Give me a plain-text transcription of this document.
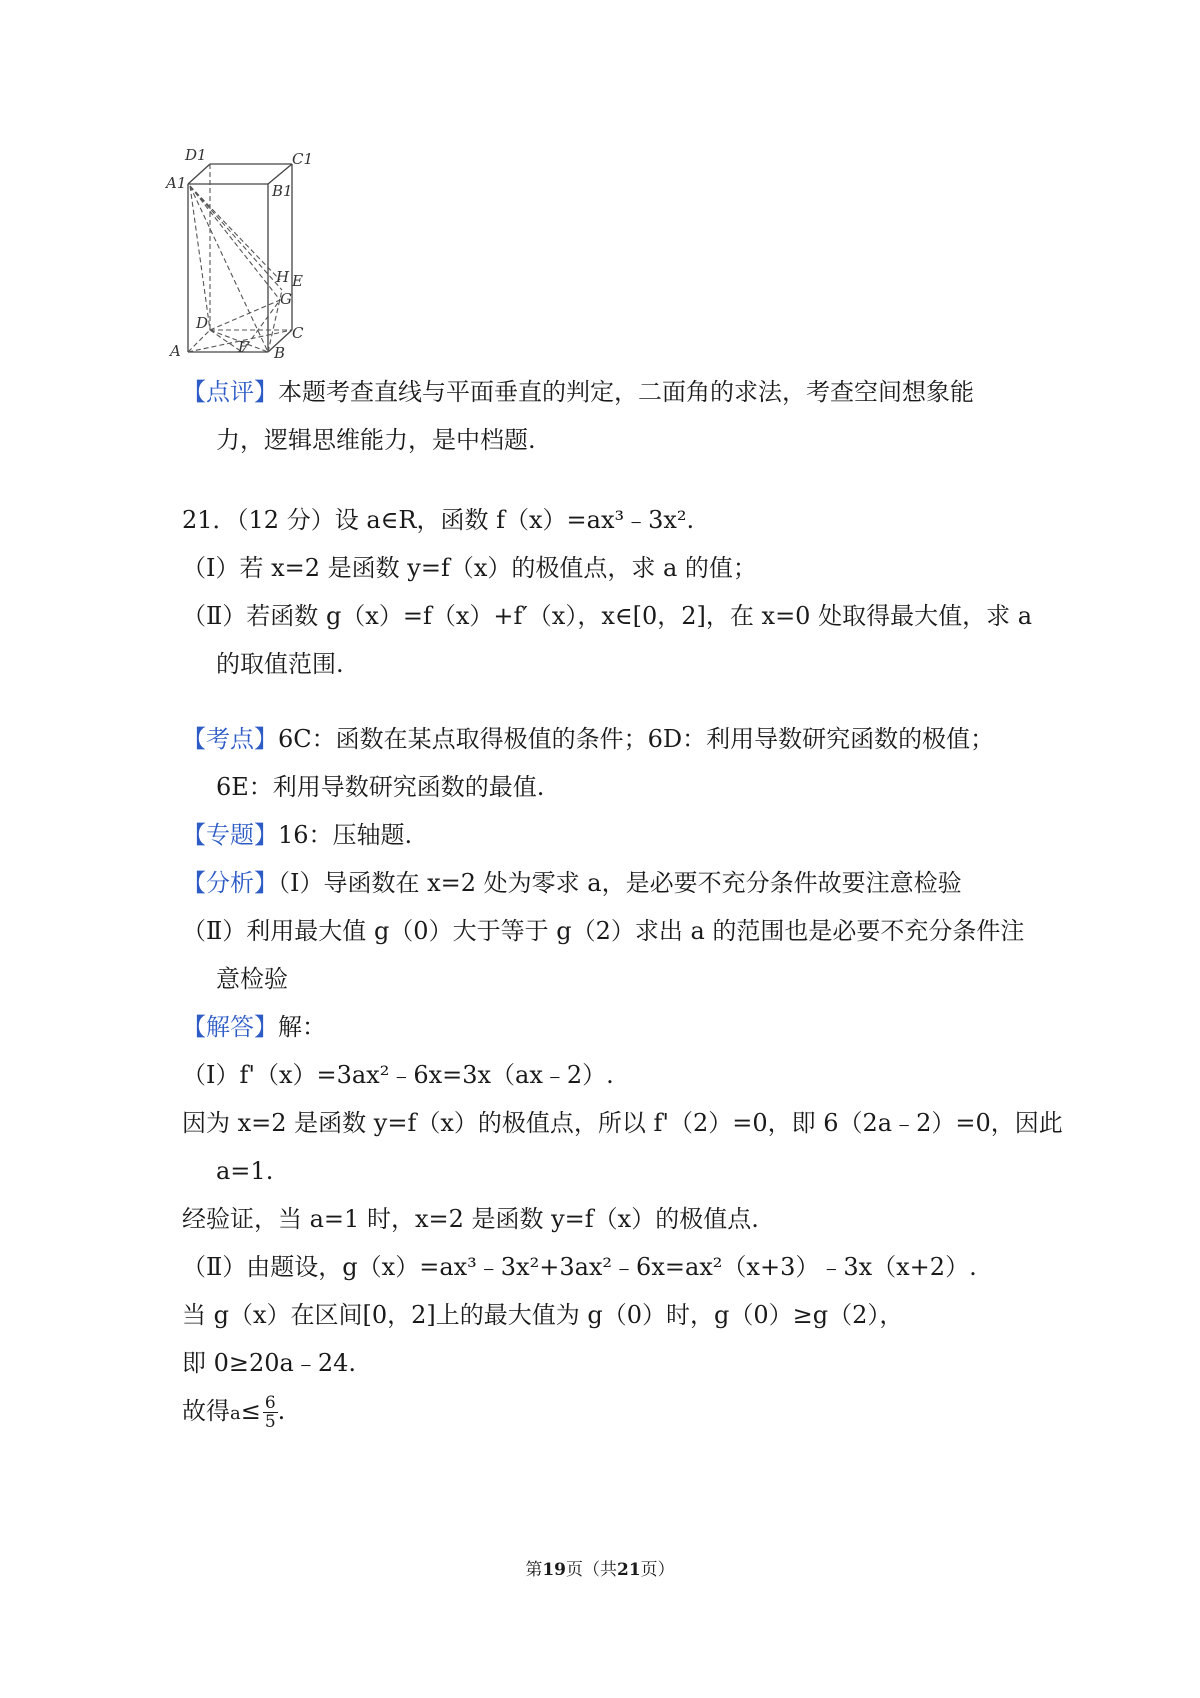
D1	C1
A1	B1
H E
G
D
C
A	F B
【点评】本题考查直线与平面垂直的判定，二面角的求法，考查空间想象能
力，逻辑思维能力，是中档题.
21．（12 分）设 a∈R，函数 f（x）=ax³﹣3x².
（Ⅰ）若 x=2 是函数 y=f（x）的极值点，求 a 的值；
（Ⅱ）若函数 g（x）=f（x）+f′（x），x∈[0，2]，在 x=0 处取得最大值，求 a
的取值范围.
【考点】6C：函数在某点取得极值的条件；6D：利用导数研究函数的极值；
6E：利用导数研究函数的最值.
【专题】16：压轴题.
【分析】（Ⅰ）导函数在 x=2 处为零求 a，是必要不充分条件故要注意检验
（Ⅱ）利用最大值 g（0）大于等于 g（2）求出 a 的范围也是必要不充分条件注
意检验
【解答】解：
（Ⅰ）f'（x）=3ax²﹣6x=3x（ax﹣2）.
因为 x=2 是函数 y=f（x）的极值点，所以 f'（2）=0，即 6（2a﹣2）=0，因此
a=1.
经验证，当 a=1 时，x=2 是函数 y=f（x）的极值点.
（Ⅱ）由题设，g（x）=ax³﹣3x²+3ax²﹣6x=ax²（x+3）﹣3x（x+2）.
当 g（x）在区间[0，2]上的最大值为 g（0）时，g（0）≥g（2），
即 0≥20a﹣24.
故得$a\le \frac{6}{5}$ .
第19页（共21页）
